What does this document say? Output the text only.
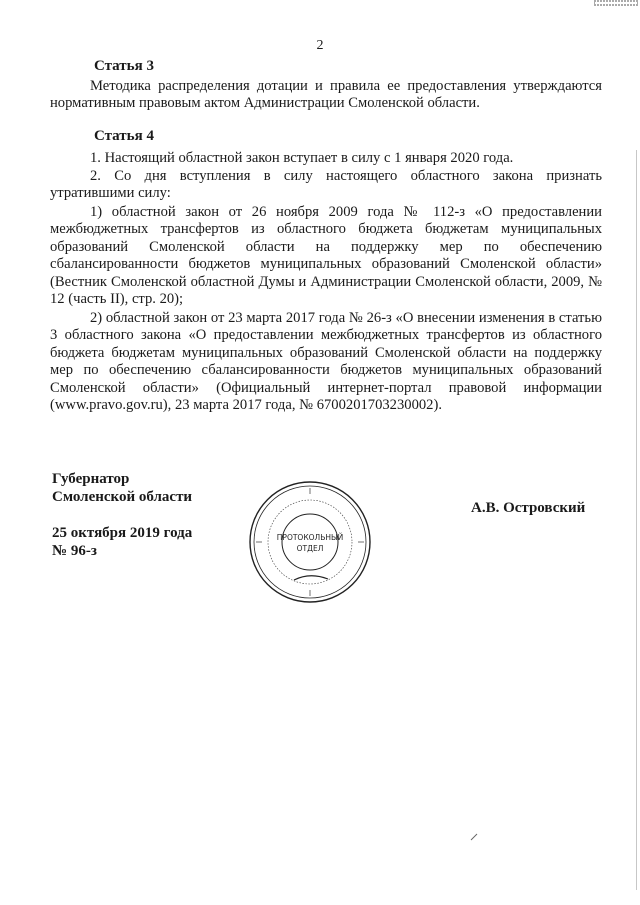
2
Статья 3
Методика распределения дотации и правила ее предоставления утверждаются нормативным правовым актом Администрации Смоленской области.
Статья 4
1. Настоящий областной закон вступает в силу с 1 января 2020 года.
2. Со дня вступления в силу настоящего областного закона признать утратившими силу:
1) областной закон от 26 ноября 2009 года № 112-з «О предоставлении межбюджетных трансфертов из областного бюджета бюджетам муниципальных образований Смоленской области на поддержку мер по обеспечению сбалансированности бюджетов муниципальных образований Смоленской области» (Вестник Смоленской областной Думы и Администрации Смоленской области, 2009, № 12 (часть II), стр. 20);
2) областной закон от 23 марта 2017 года № 26-з «О внесении изменения в статью 3 областного закона «О предоставлении межбюджетных трансфертов из областного бюджета бюджетам муниципальных образований Смоленской области на поддержку мер по обеспечению сбалансированности бюджетов муниципальных образований Смоленской области» (Официальный интернет-портал правовой информации (www.pravo.gov.ru), 23 марта 2017 года, № 6700201703230002).
Губернатор
Смоленской области
25 октября 2019 года
№ 96-з
А.В. Островский
ПРОТОКОЛЬНЫЙ
ОТДЕЛ
